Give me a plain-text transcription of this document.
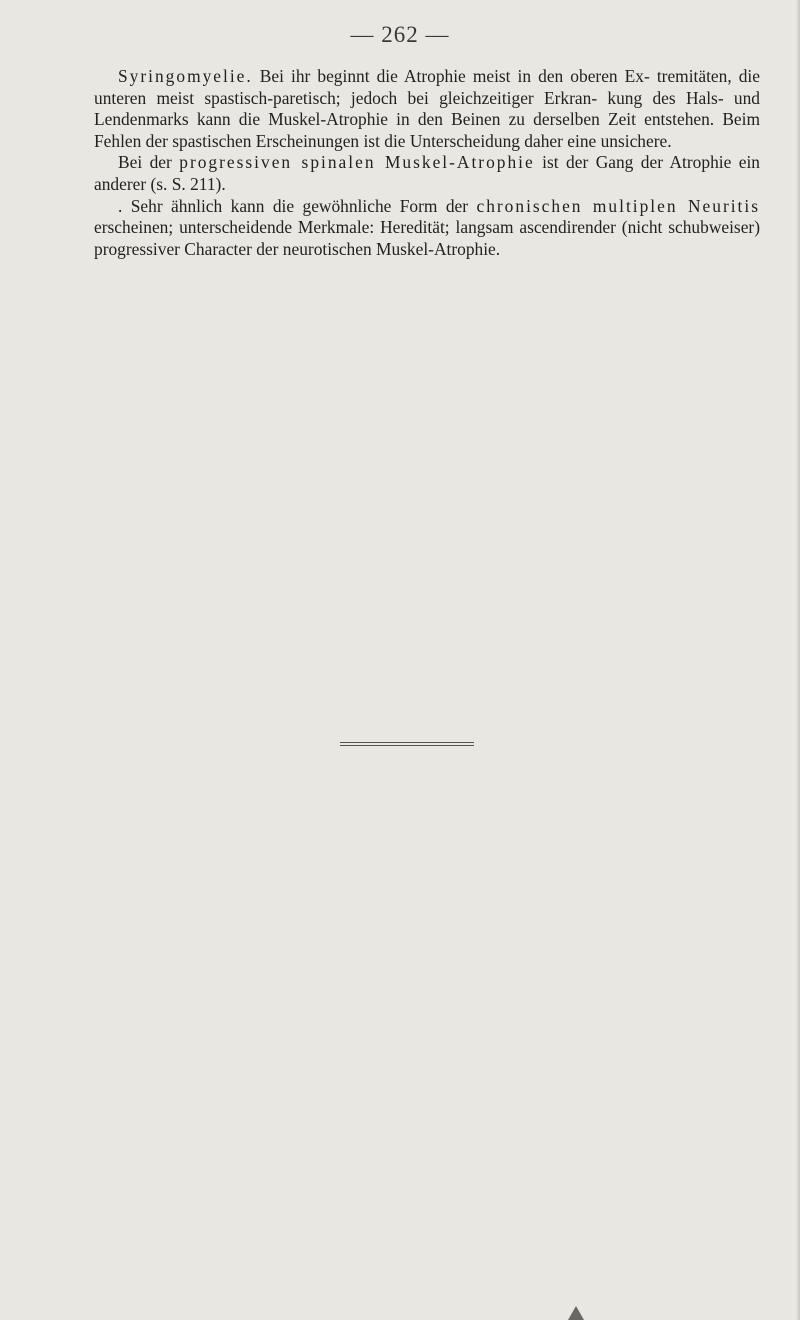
— 262 —

Syringomyelie. Bei ihr beginnt die Atrophie meist in den oberen Ex- tremitäten, die unteren meist spastisch-paretisch; jedoch bei gleichzeitiger Erkran- kung des Hals- und Lendenmarks kann die Muskel-Atrophie in den Beinen zu derselben Zeit entstehen. Beim Fehlen der spastischen Erscheinungen ist die Unterscheidung daher eine unsichere.

Bei der progressiven spinalen Muskel-Atrophie ist der Gang der Atrophie ein anderer (s. S. 211).

. Sehr ähnlich kann die gewöhnliche Form der chronischen multiplen Neuritis erscheinen; unterscheidende Merkmale: Heredität; langsam ascendirender (nicht schubweiser) progressiver Character der neurotischen Muskel-Atrophie.
